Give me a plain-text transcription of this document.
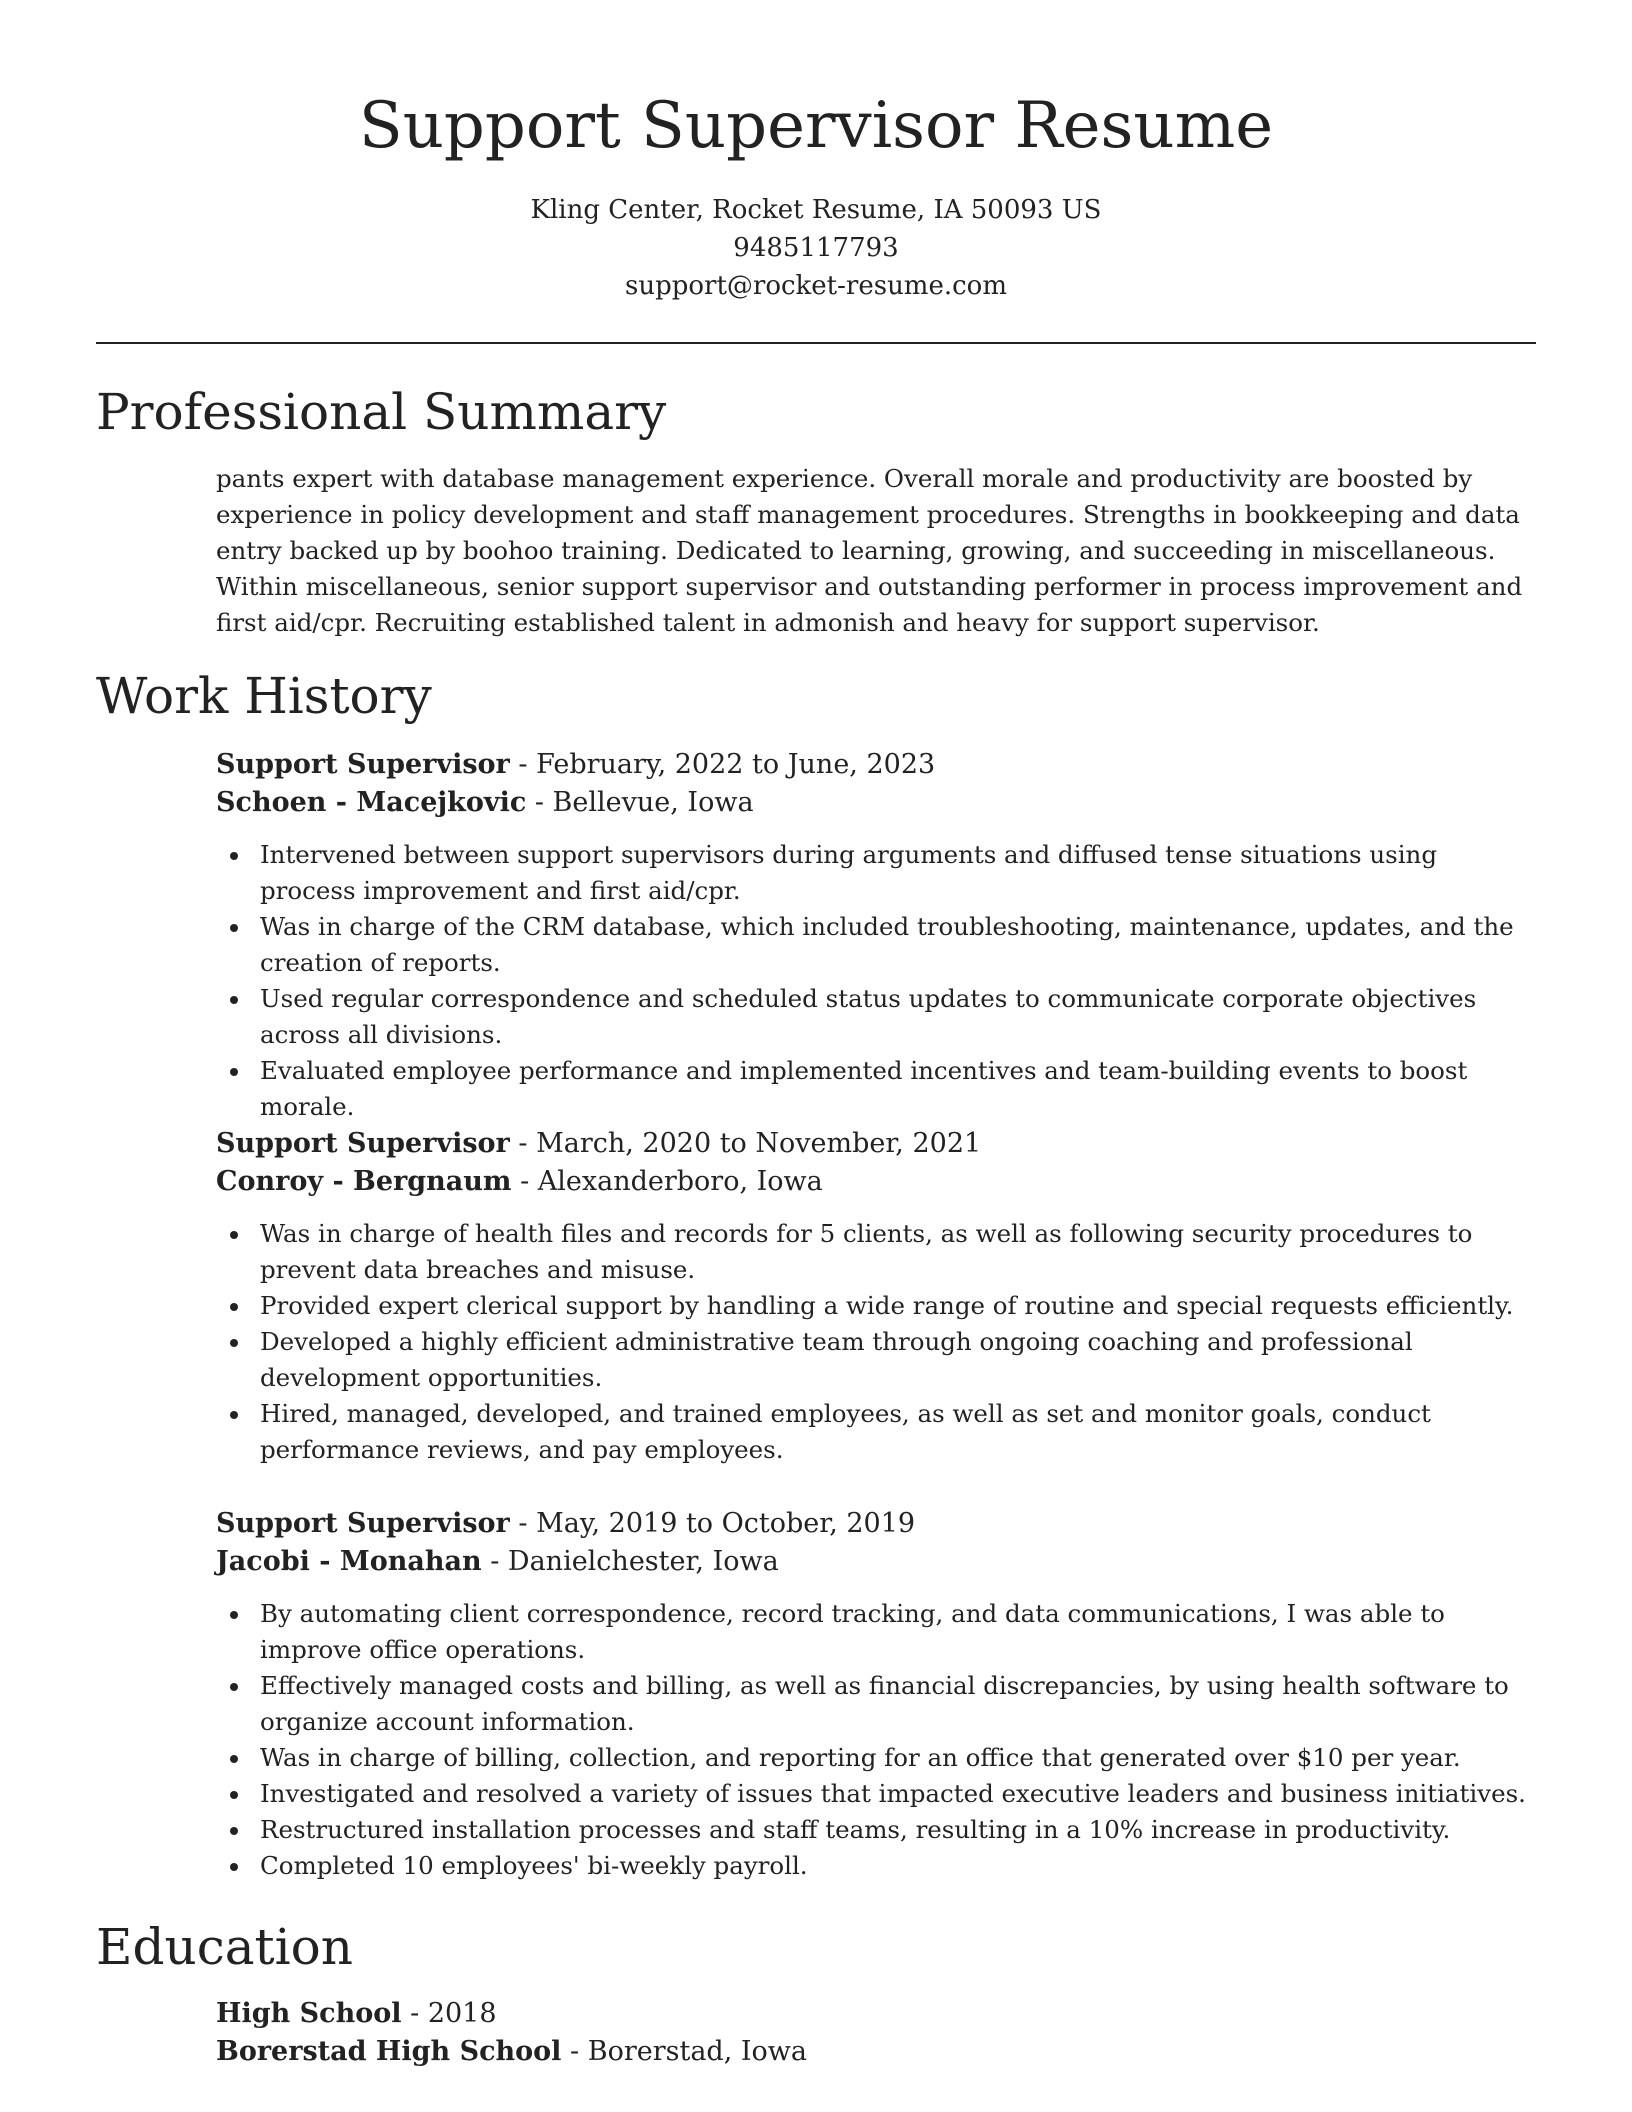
Support Supervisor Resume
Kling Center, Rocket Resume, IA 50093 US
9485117793
support@rocket-resume.com
Professional Summary
pants expert with database management experience. Overall morale and productivity are boosted by experience in policy development and staff management procedures. Strengths in bookkeeping and data entry backed up by boohoo training. Dedicated to learning, growing, and succeeding in miscellaneous. Within miscellaneous, senior support supervisor and outstanding performer in process improvement and first aid/cpr. Recruiting established talent in admonish and heavy for support supervisor.
Work History
Support Supervisor - February, 2022 to June, 2023
Schoen - Macejkovic - Bellevue, Iowa
Intervened between support supervisors during arguments and diffused tense situations using process improvement and first aid/cpr.
Was in charge of the CRM database, which included troubleshooting, maintenance, updates, and the creation of reports.
Used regular correspondence and scheduled status updates to communicate corporate objectives across all divisions.
Evaluated employee performance and implemented incentives and team-building events to boost morale.
Support Supervisor - March, 2020 to November, 2021
Conroy - Bergnaum - Alexanderboro, Iowa
Was in charge of health files and records for 5 clients, as well as following security procedures to prevent data breaches and misuse.
Provided expert clerical support by handling a wide range of routine and special requests efficiently.
Developed a highly efficient administrative team through ongoing coaching and professional development opportunities.
Hired, managed, developed, and trained employees, as well as set and monitor goals, conduct performance reviews, and pay employees.
Support Supervisor - May, 2019 to October, 2019
Jacobi - Monahan - Danielchester, Iowa
By automating client correspondence, record tracking, and data communications, I was able to improve office operations.
Effectively managed costs and billing, as well as financial discrepancies, by using health software to organize account information.
Was in charge of billing, collection, and reporting for an office that generated over $10 per year.
Investigated and resolved a variety of issues that impacted executive leaders and business initiatives.
Restructured installation processes and staff teams, resulting in a 10% increase in productivity.
Completed 10 employees' bi-weekly payroll.
Education
High School - 2018
Borerstad High School - Borerstad, Iowa
